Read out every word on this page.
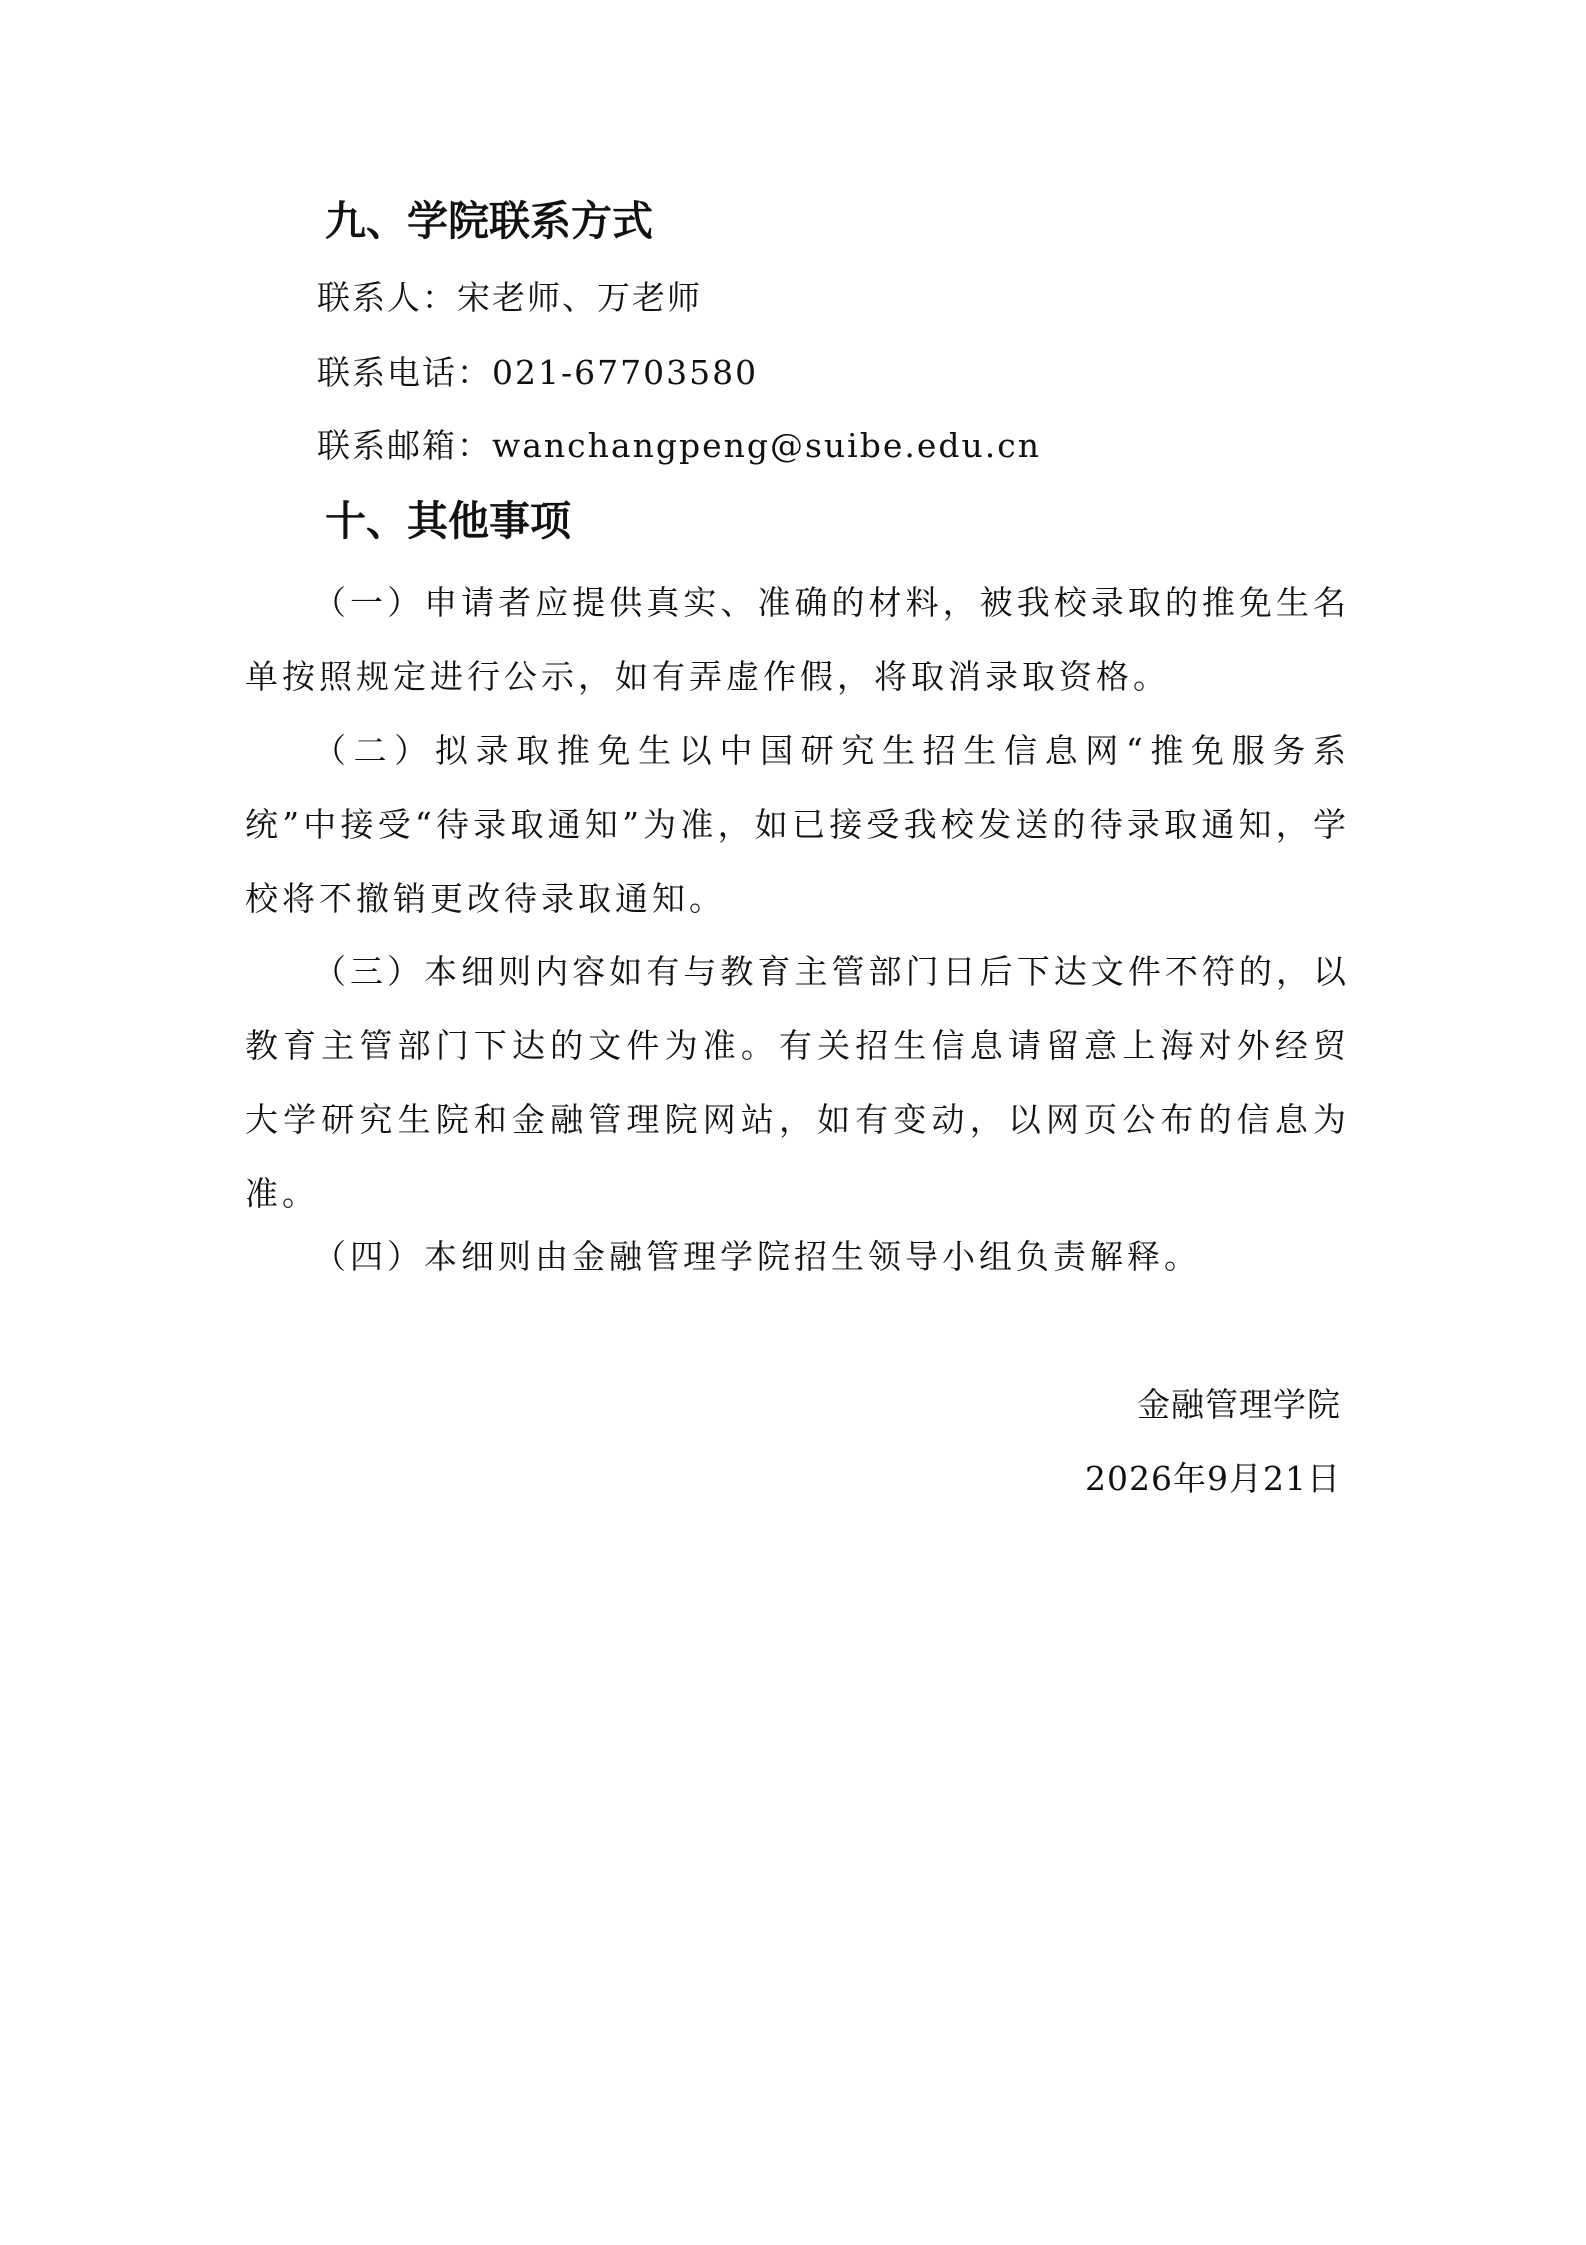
九、学院联系方式

联系人：宋老师、万老师

联系电话：021-67703580

联系邮箱：wanchangpeng@suibe.edu.cn

十、其他事项

（一）申请者应提供真实、准确的材料，被我校录取的推免生名单按照规定进行公示，如有弄虚作假，将取消录取资格。

（二）拟录取推免生以中国研究生招生信息网“推免服务系统”中接受“待录取通知”为准，如已接受我校发送的待录取通知，学校将不撤销更改待录取通知。

（三）本细则内容如有与教育主管部门日后下达文件不符的，以教育主管部门下达的文件为准。有关招生信息请留意上海对外经贸大学研究生院和金融管理院网站，如有变动，以网页公布的信息为准。

（四）本细则由金融管理学院招生领导小组负责解释。

金融管理学院

2026年9月21日
